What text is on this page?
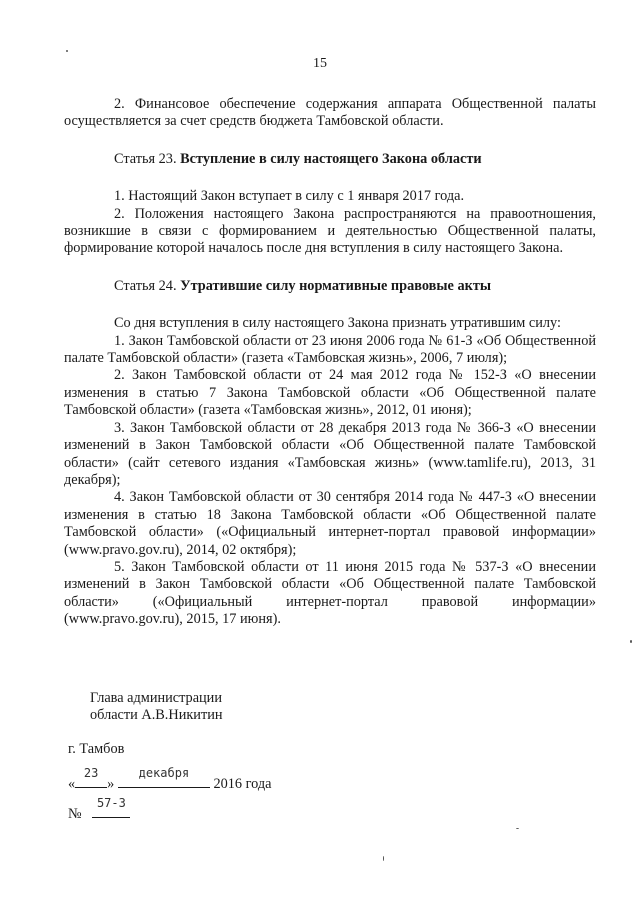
15

2. Финансовое обеспечение содержания аппарата Общественной палаты осуществляется за счет средств бюджета Тамбовской области.

Статья 23. Вступление в силу настоящего Закона области

1. Настоящий Закон вступает в силу с 1 января 2017 года.

2. Положения настоящего Закона распространяются на правоотношения, возникшие в связи с формированием и деятельностью Общественной палаты, формирование которой началось после дня вступления в силу настоящего Закона.

Статья 24. Утратившие силу нормативные правовые акты

Со дня вступления в силу настоящего Закона признать утратившим силу:

1. Закон Тамбовской области от 23 июня 2006 года № 61-З «Об Общественной палате Тамбовской области» (газета «Тамбовская жизнь», 2006, 7 июля);

2. Закон Тамбовской области от 24 мая 2012 года № 152-З «О внесении изменения в статью 7 Закона Тамбовской области «Об Общественной палате Тамбовской области» (газета «Тамбовская жизнь», 2012, 01 июня);

3. Закон Тамбовской области от 28 декабря 2013 года № 366-З «О внесении изменений в Закон Тамбовской области «Об Общественной палате Тамбовской области» (сайт сетевого издания «Тамбовская жизнь» (www.tamlife.ru), 2013, 31 декабря);

4. Закон Тамбовской области от 30 сентября 2014 года № 447-З «О внесении изменения в статью 18 Закона Тамбовской области «Об Общественной палате Тамбовской области» («Официальный интернет-портал правовой информации» (www.pravo.gov.ru), 2014, 02 октября);

5. Закон Тамбовской области от 11 июня 2015 года № 537-З «О внесении изменений в Закон Тамбовской области «Об Общественной палате Тамбовской области» («Официальный интернет-портал правовой информации» (www.pravo.gov.ru), 2015, 17 июня).

Глава администрации
области А.В.Никитин
г. Тамбов
«
23
»
декабря
2016 года
№
57-З
